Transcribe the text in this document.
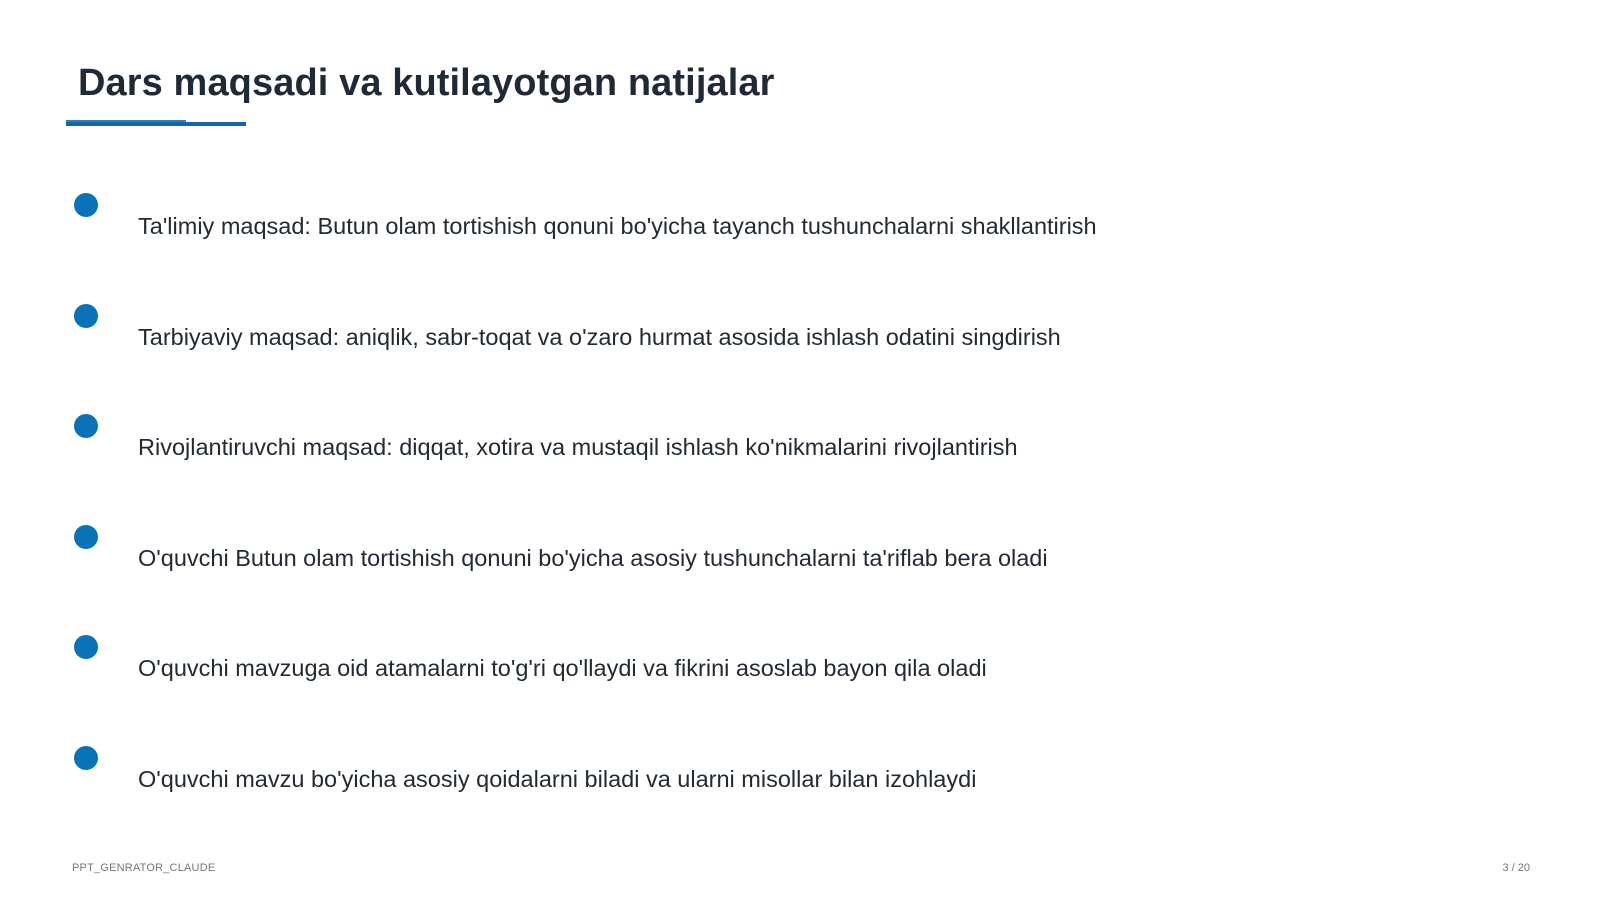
Dars maqsadi va kutilayotgan natijalar
Ta'limiy maqsad: Butun olam tortishish qonuni bo'yicha tayanch tushunchalarni shakllantirish
Tarbiyaviy maqsad: aniqlik, sabr-toqat va o'zaro hurmat asosida ishlash odatini singdirish
Rivojlantiruvchi maqsad: diqqat, xotira va mustaqil ishlash ko'nikmalarini rivojlantirish
O'quvchi Butun olam tortishish qonuni bo'yicha asosiy tushunchalarni ta'riflab bera oladi
O'quvchi mavzuga oid atamalarni to'g'ri qo'llaydi va fikrini asoslab bayon qila oladi
O'quvchi mavzu bo'yicha asosiy qoidalarni biladi va ularni misollar bilan izohlaydi
PPT_GENRATOR_CLAUDE	3 / 20
